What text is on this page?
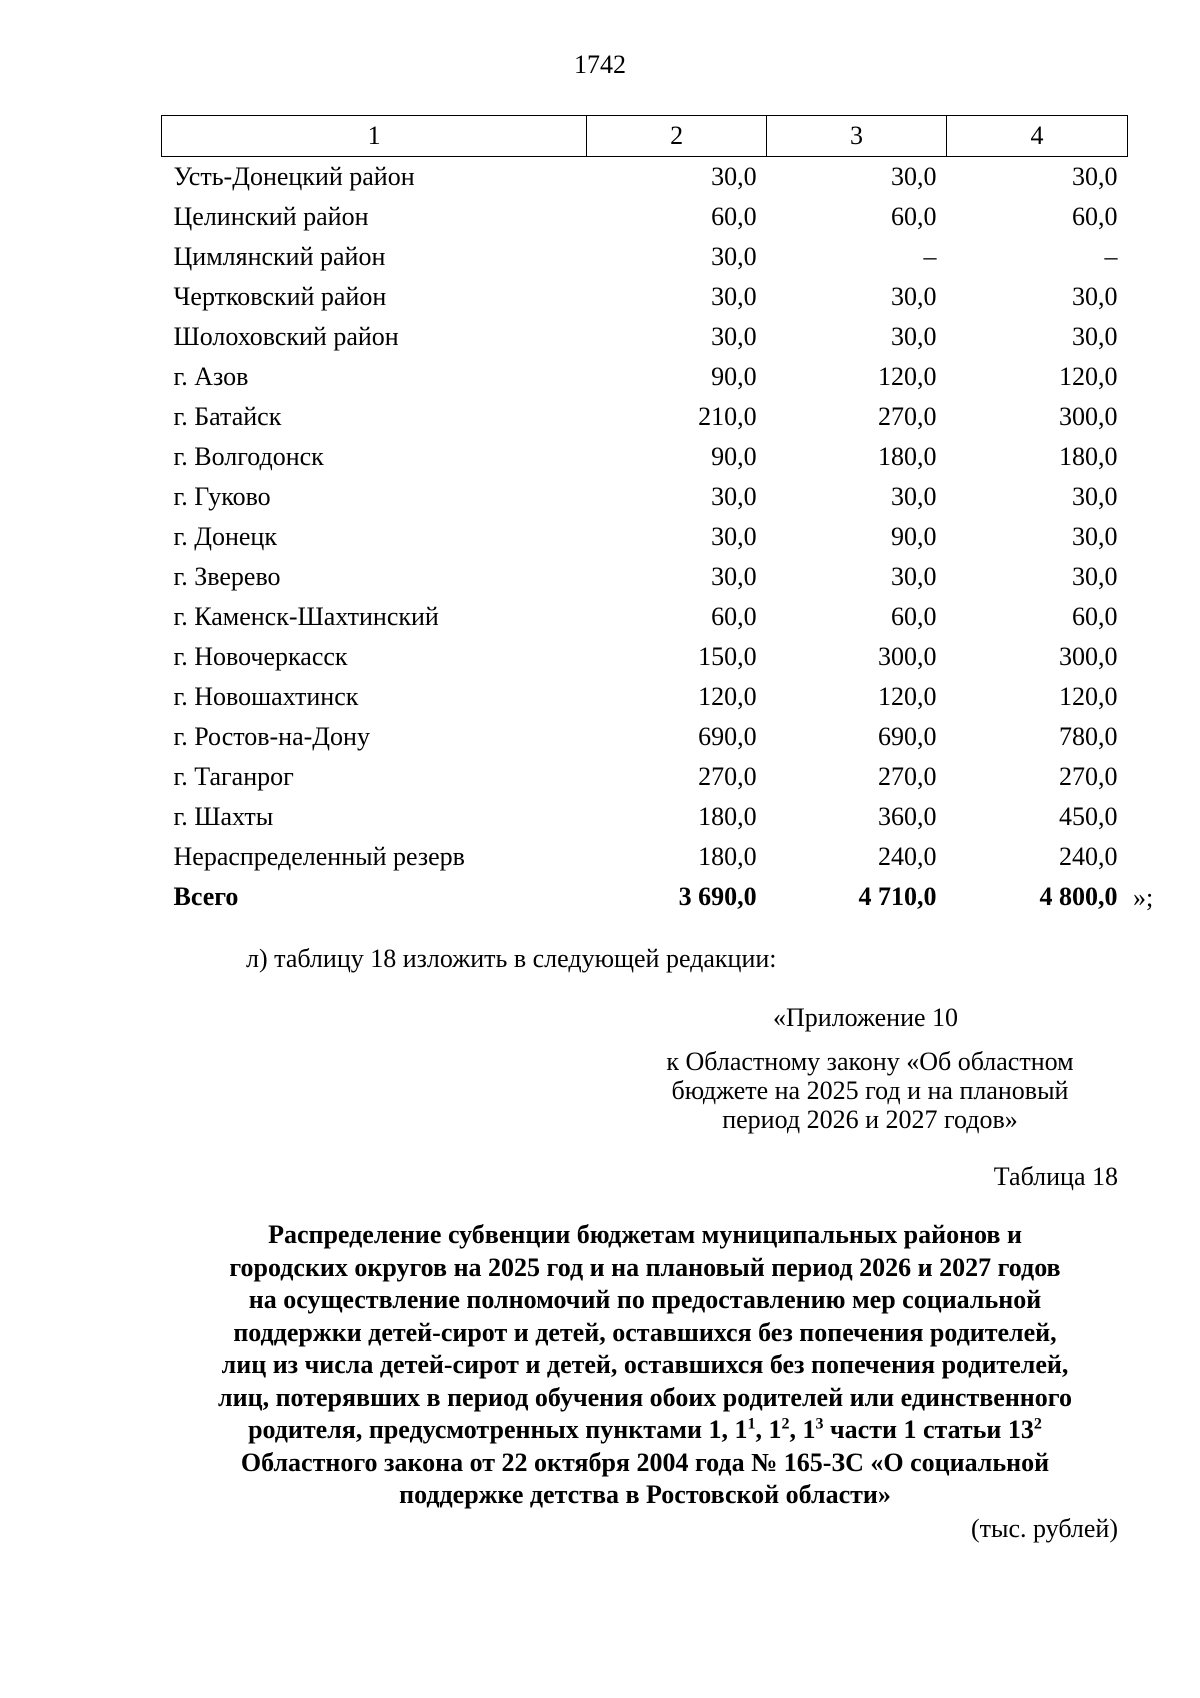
1742
1	2	3	4
Усть-Донецкий район	30,0	30,0	30,0
Целинский район	60,0	60,0	60,0
Цимлянский район	30,0	–	–
Чертковский район	30,0	30,0	30,0
Шолоховский район	30,0	30,0	30,0
г. Азов	90,0	120,0	120,0
г. Батайск	210,0	270,0	300,0
г. Волгодонск	90,0	180,0	180,0
г. Гуково	30,0	30,0	30,0
г. Донецк	30,0	90,0	30,0
г. Зверево	30,0	30,0	30,0
г. Каменск-Шахтинский	60,0	60,0	60,0
г. Новочеркасск	150,0	300,0	300,0
г. Новошахтинск	120,0	120,0	120,0
г. Ростов-на-Дону	690,0	690,0	780,0
г. Таганрог	270,0	270,0	270,0
г. Шахты	180,0	360,0	450,0
Нераспределенный резерв	180,0	240,0	240,0
Всего	3 690,0	4 710,0	4 800,0 »;
л) таблицу 18 изложить в следующей редакции:
«Приложение 10
к Областному закону «Об областном
бюджете на 2025 год и на плановый
период 2026 и 2027 годов»
Таблица 18
Распределение субвенции бюджетам муниципальных районов и
городских округов на 2025 год и на плановый период 2026 и 2027 годов
на осуществление полномочий по предоставлению мер социальной
поддержки детей-сирот и детей, оставшихся без попечения родителей,
лиц из числа детей-сирот и детей, оставшихся без попечения родителей,
лиц, потерявших в период обучения обоих родителей или единственного
родителя, предусмотренных пунктами 1, $1^1$, $1^2$, $1^3$ части 1 статьи $13^2$
Областного закона от 22 октября 2004 года № 165-ЗС «О социальной
поддержке детства в Ростовской области»
(тыс. рублей)
